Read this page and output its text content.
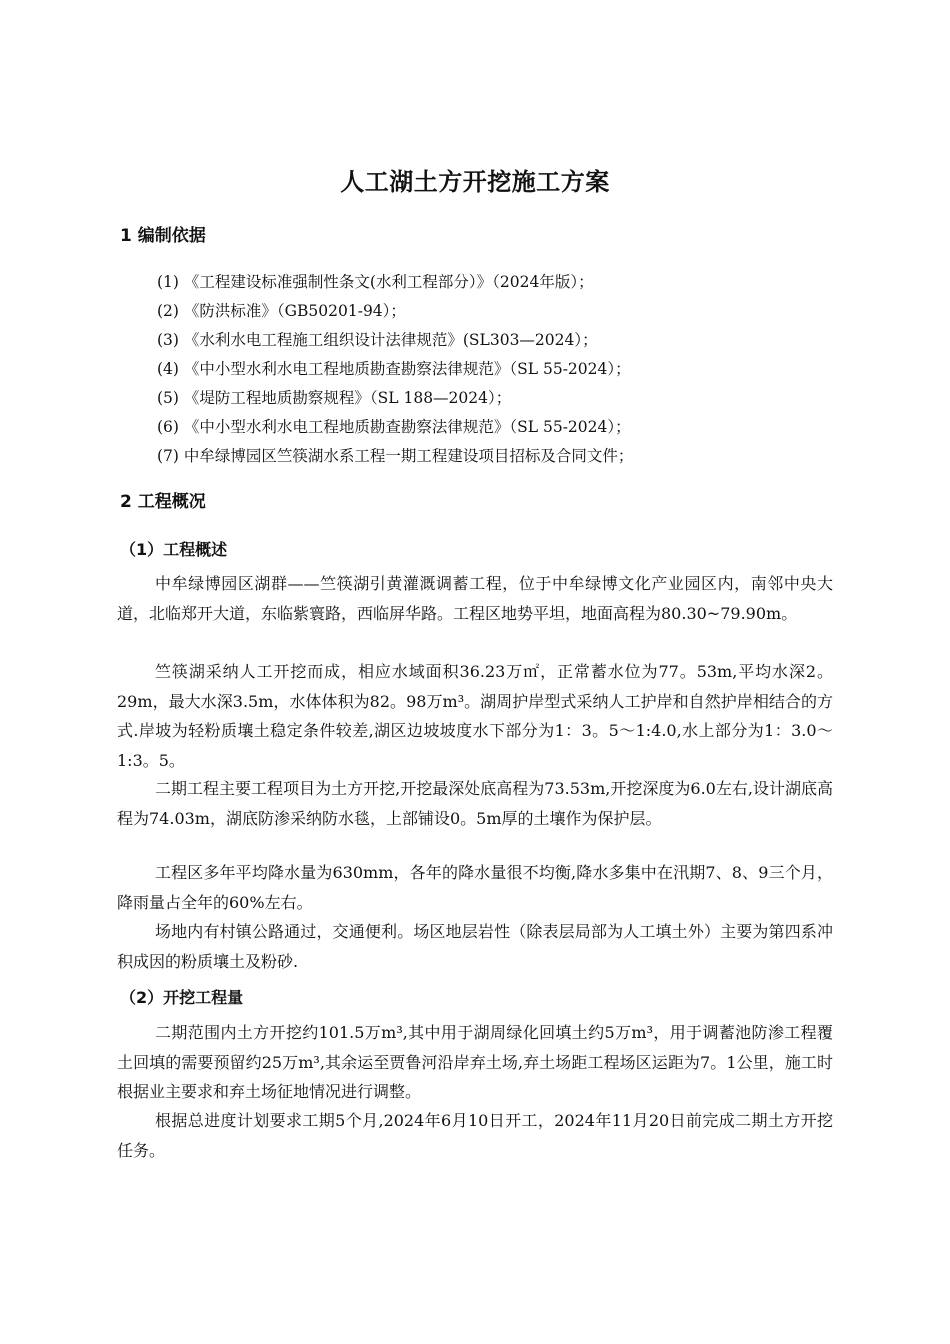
人工湖土方开挖施工方案
1 编制依据
(1) 《工程建设标准强制性条文(水利工程部分）》（2024年版）；
(2) 《防洪标准》（GB50201-94）；
(3) 《水利水电工程施工组织设计法律规范》(SL303—2024）；
(4) 《中小型水利水电工程地质勘查勘察法律规范》（SL 55-2024）；
(5) 《堤防工程地质勘察规程》（SL 188—2024）；
(6) 《中小型水利水电工程地质勘查勘察法律规范》（SL 55-2024）；
(7) 中牟绿博园区竺筷湖水系工程一期工程建设项目招标及合同文件；
2 工程概况
（1）工程概述

中牟绿博园区湖群——竺筷湖引黄灌溉调蓄工程，位于中牟绿博文化产业园区内，南邻中央大道，北临郑开大道，东临紫寰路，西临屏华路。工程区地势平坦，地面高程为80.30~79.90m。

竺筷湖采纳人工开挖而成，相应水域面积36.23万㎡，正常蓄水位为77。53m,平均水深2。29m，最大水深3.5m，水体体积为82。98万m³。湖周护岸型式采纳人工护岸和自然护岸相结合的方式.岸坡为轻粉质壤土稳定条件较差,湖区边坡坡度水下部分为1：3。5～1:4.0,水上部分为1：3.0～1:3。5。

二期工程主要工程项目为土方开挖,开挖最深处底高程为73.53m,开挖深度为6.0左右,设计湖底高程为74.03m，湖底防渗采纳防水毯，上部铺设0。5m厚的土壤作为保护层。

工程区多年平均降水量为630mm，各年的降水量很不均衡,降水多集中在汛期7、8、9三个月，降雨量占全年的60%左右。

场地内有村镇公路通过，交通便利。场区地层岩性（除表层局部为人工填土外）主要为第四系冲积成因的粉质壤土及粉砂.

（2）开挖工程量

二期范围内土方开挖约101.5万m³,其中用于湖周绿化回填土约5万m³，用于调蓄池防渗工程覆土回填的需要预留约25万m³,其余运至贾鲁河沿岸弃土场,弃土场距工程场区运距为7。1公里，施工时根据业主要求和弃土场征地情况进行调整。

根据总进度计划要求工期5个月,2024年6月10日开工，2024年11月20日前完成二期土方开挖任务。
